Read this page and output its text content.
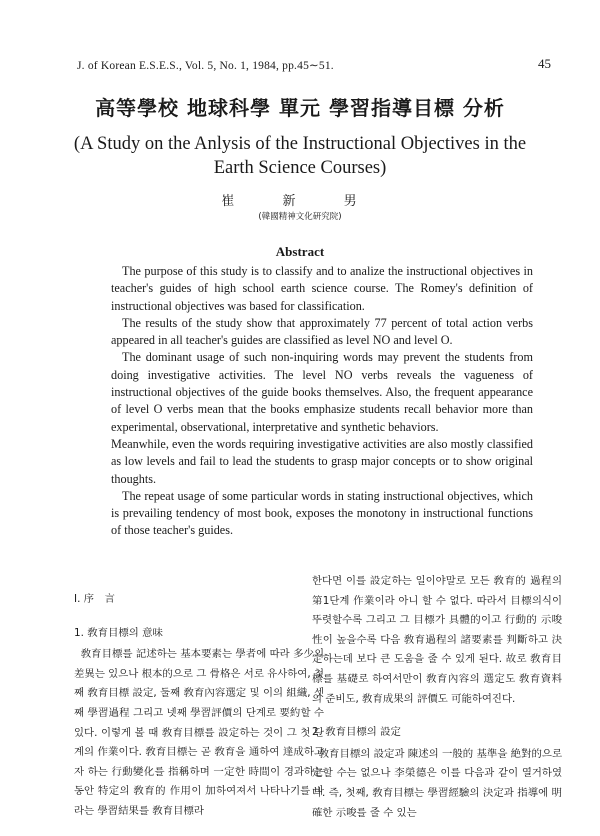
J. of Korean E.S.E.S., Vol. 5, No. 1, 1984, pp.45∼51.	45
高等學校 地球科學 單元 學習指導目標 分析
(A Study on the Anlysis of the Instructional Objectives in the Earth Science Courses)
崔 新 男
(韓國精神文化硏究院)
Abstract

The purpose of this study is to classify and to analize the instructional objectives in teacher's guides of high school earth science course. The Romey's definition of instructional objectives was based for classification.

The results of the study show that approximately 77 percent of total action verbs appeared in all teacher's guides are classified as level NO and level O.

The dominant usage of such non-inquiring words may prevent the students from doing investigative activities. The level NO verbs reveals the vagueness of instructional objectives of the guide books themselves. Also, the frequent appearance of level O verbs mean that the books emphasize students recall behavior more than experimental, observational, interpretative and synthetic behaviors.

Meanwhile, even the words requiring investigative activities are also mostly classified as low levels and fail to lead the students to grasp major concepts or to show original thoughts.

The repeat usage of some particular words in stating instructional objectives, which is prevailing tendency of most book, exposes the monotony in instructional functions of those teacher's guides.

I. 序　言

1. 敎育目標의 意味

敎育目標를 記述하는 基本要素는 學者에 따라 多少의 差異는 있으나 根本的으로 그 骨格은 서로 유사하여, 첫째 敎育目標 設定, 둘째 敎育內容選定 및 이의 組織, 셋째 學習過程 그리고 넷째 學習評價의 단계로 要約할 수 있다. 이렇게 볼 때 敎育目標를 設定하는 것이 그 첫 단계의 作業이다. 敎育目標는 곧 敎育을 通하여 達成하고자 하는 行動變化를 指稱하며 一定한 時間이 경과하는 동안 特定의 敎育的 作用이 加하여져서 나타나기를 바라는 學習結果를 敎育目標라

한다면 이를 設定하는 일이야말로 모든 敎育的 過程의 第1단계 作業이라 아니 할 수 없다. 따라서 目標의식이 뚜렷할수록 그리고 그 目標가 具體的이고 行動的 示唆性이 높을수록 다음 敎育過程의 諸要素를 判斷하고 決定하는데 보다 큰 도움을 줄 수 있게 된다. 故로 敎育目標를 基礎로 하여서만이 敎育內容의 選定도 敎育資料의 준비도, 敎育成果의 評價도 可能하여진다.

2. 敎育目標의 設定

敎育目標의 設定과 陳述의 一般的 基準을 絶對的으로 定할 수는 없으나 李榮德은 이를 다음과 같이 열거하였다. 즉, 첫째, 敎育目標는 學習經驗의 決定과 指導에 明確한 示唆를 줄 수 있는
